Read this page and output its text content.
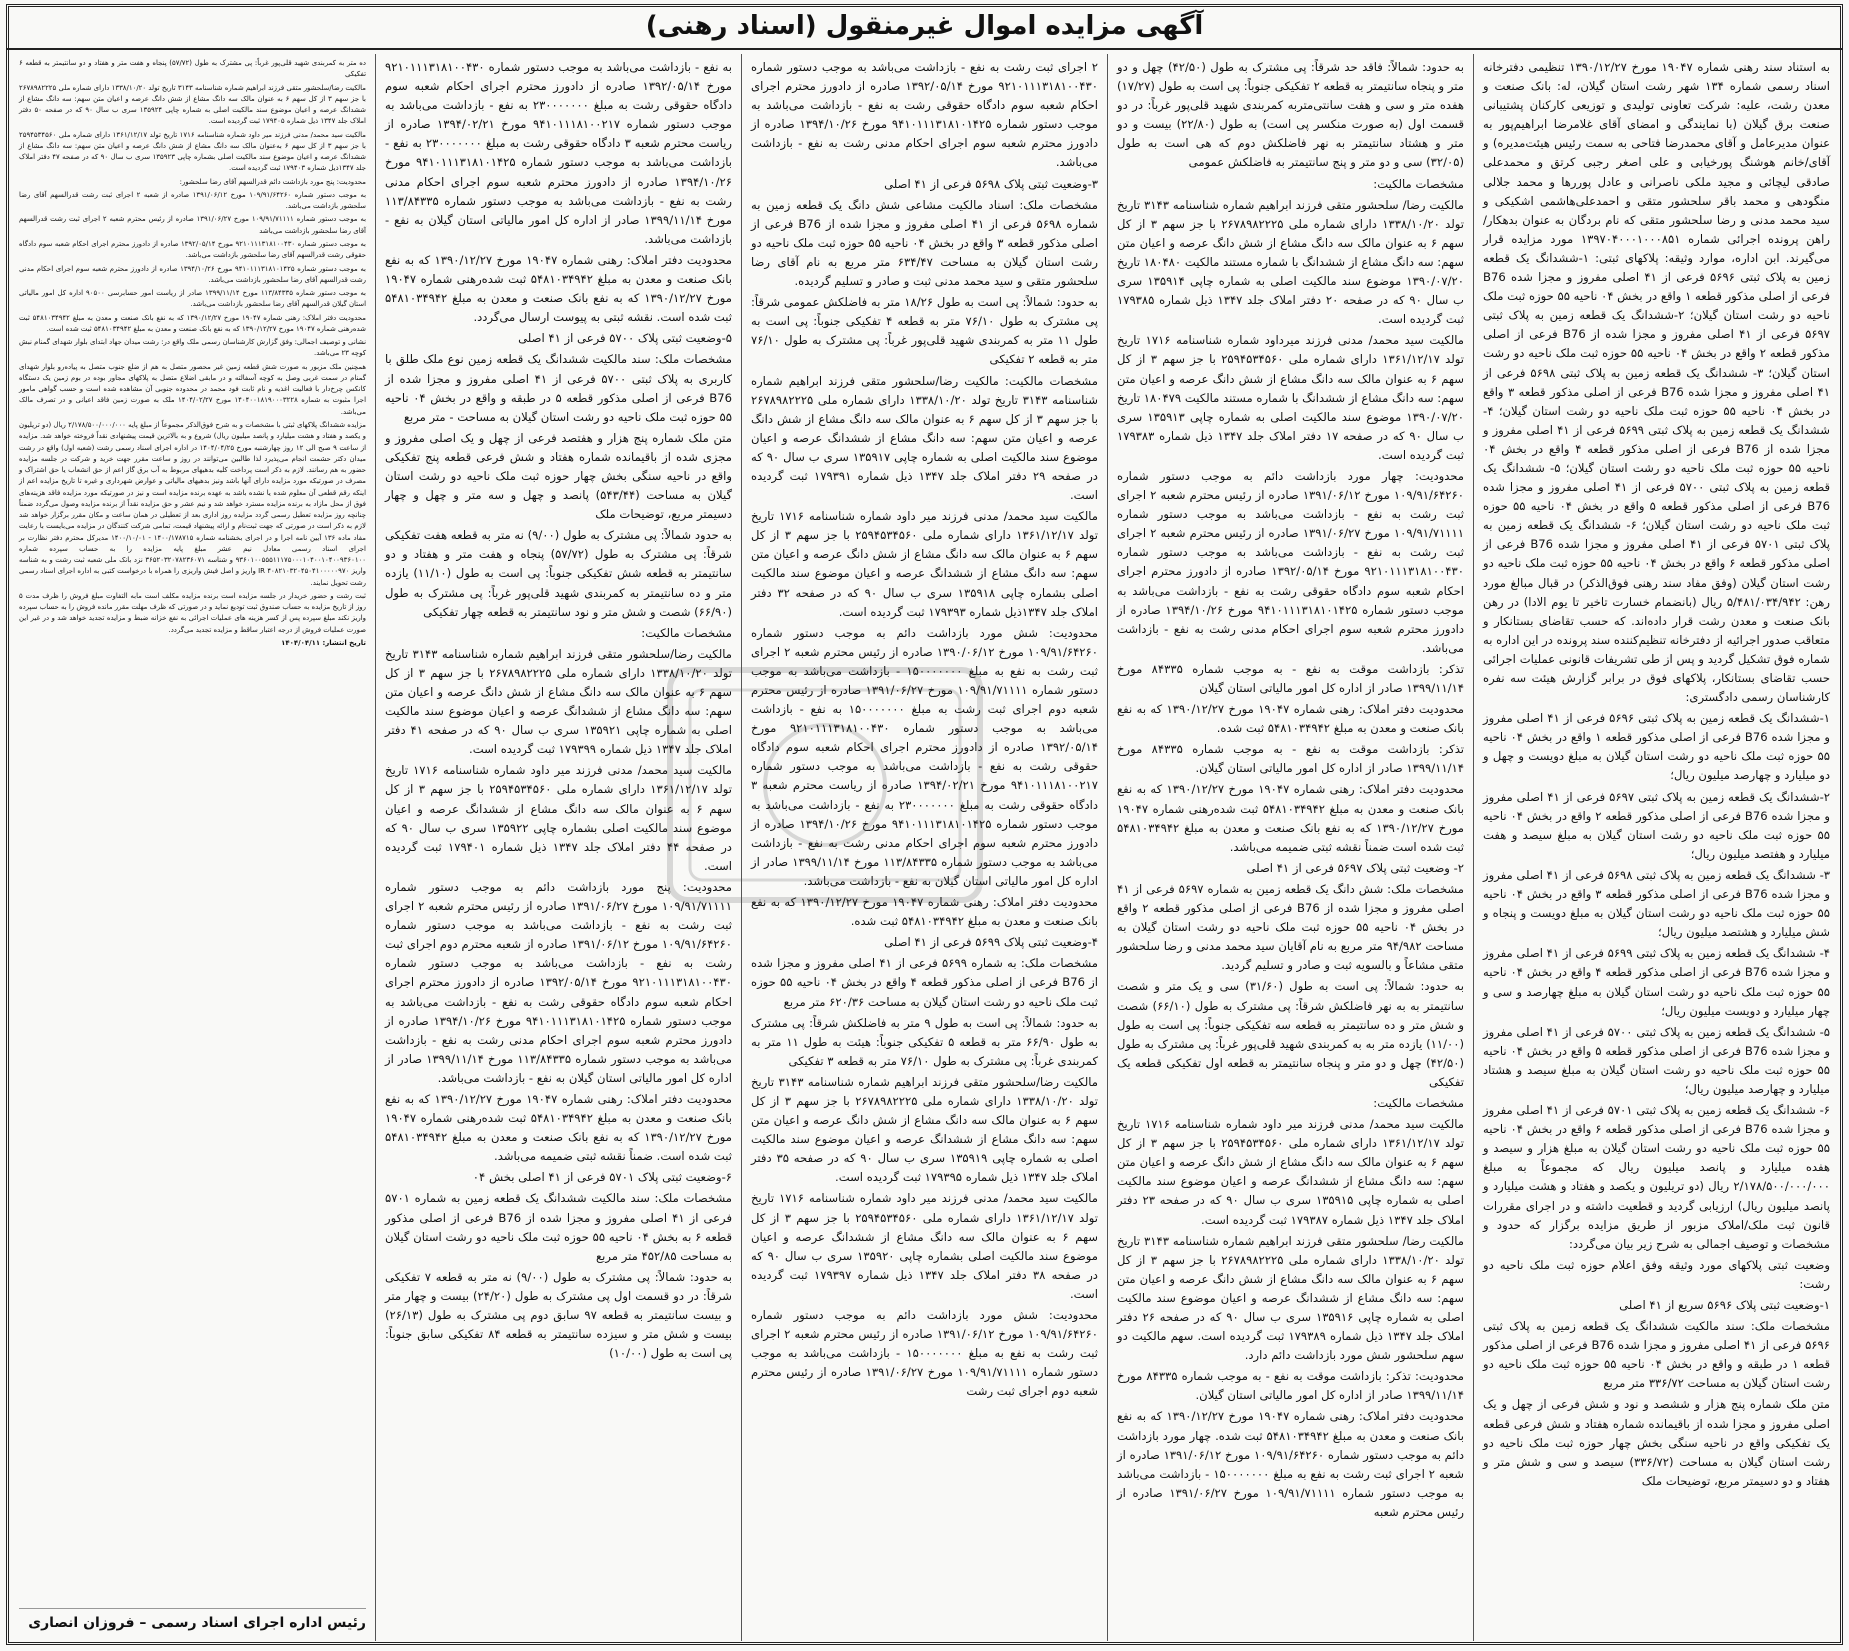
آگهی مزایده اموال غیرمنقول (اسناد رهنی)

به استناد سند رهنی شماره ۱۹۰۴۷ مورخ ۱۳۹۰/۱۲/۲۷ تنظیمی دفترخانه اسناد رسمی شماره ۱۳۴ شهر رشت استان گیلان، له: بانک صنعت و معدن رشت، علیه: شرکت تعاونی تولیدی و توزیعی کارکنان پشتیبانی صنعت برق گیلان (با نمایندگی و امضای آقای غلامرضا ابراهیم‌پور به عنوان مدیرعامل و آقای محمدرضا فتاحی به سمت رئیس هیئت‌مدیره) و آقای/خانم هوشنگ پورخیابی و علی اصغر رجبی کرتق و محمدعلی صادقی لیچائی و مجید ملکی ناصرانی و عادل پوررها و محمد جلالی منگودهی و محمد باقر سلحشور متقی و احمدعلی‌هاشمی اشکیکی و سید محمد مدنی و رضا سلحشور متقی که نام بردگان به عنوان بدهکار/راهن پرونده اجرائی شماره ۱۳۹۷۰۴۰۰۰۱۰۰۰۸۵۱ مورد مزایده قرار می‌گیرند. ابن اداره، موارد وثیقه: پلاکهای ثبتی: ۱-ششدانگ یک قطعه زمین به پلاک ثبتی ۵۶۹۶ فرعی از ۴۱ اصلی مفروز و مجزا شده B76 فرعی از اصلی مذکور قطعه ۱ واقع در بخش ۰۴ ناحیه ۵۵ حوزه ثبت ملک ناحیه دو رشت استان گیلان؛ ۲-ششدانگ یک قطعه زمین به پلاک ثبتی ۵۶۹۷ فرعی از ۴۱ اصلی مفروز و مجزا شده از B76 فرعی از اصلی مذکور قطعه ۲ واقع در بخش ۰۴ ناحیه ۵۵ حوزه ثبت ملک ناحیه دو رشت استان گیلان؛ ۳- ششدانگ یک قطعه زمین به پلاک ثبتی ۵۶۹۸ فرعی از ۴۱ اصلی مفروز و مجزا شده B76 فرعی از اصلی مذکور قطعه ۳ واقع در بخش ۰۴ ناحیه ۵۵ حوزه ثبت ملک ناحیه دو رشت استان گیلان؛ ۴- ششدانگ یک قطعه زمین به پلاک ثبتی ۵۶۹۹ فرعی از ۴۱ اصلی مفروز و مجزا شده از B76 فرعی از اصلی مذکور قطعه ۴ واقع در بخش ۰۴ ناحیه ۵۵ حوزه ثبت ملک ناحیه دو رشت استان گیلان؛ ۵- ششدانگ یک قطعه زمین به پلاک ثبتی ۵۷۰۰ فرعی از ۴۱ اصلی مفروز و مجزا شده B76 فرعی از اصلی مذکور قطعه ۵ واقع در بخش ۰۴ ناحیه ۵۵ حوزه ثبت ملک ناحیه دو رشت استان گیلان؛ ۶- ششدانگ یک قطعه زمین به پلاک ثبتی ۵۷۰۱ فرعی از ۴۱ اصلی مفروز و مجزا شده B76 فرعی از اصلی مذکور قطعه ۶ واقع در بخش ۰۴ ناحیه ۵۵ حوزه ثبت ملک ناحیه دو رشت استان گیلان (وفق مفاد سند رهنی فوق‌الذکر) در قبال مبالغ مورد رهن: ۵/۴۸۱/۰۳۴/۹۴۲ ریال (بانضمام خسارت تاخیر تا یوم الادا) در رهن بانک صنعت و معدن رشت قرار داده‌اند. که حسب تقاضای بستانکار و متعاقب صدور اجرائیه از دفترخانه تنظیم‌کننده سند پرونده در این اداره به شماره فوق تشکیل گردید و پس از طی تشریفات قانونی عملیات اجرائی حسب تقاضای بستانکار، پلاکهای فوق در برابر گزارش هیئت سه نفره کارشناسان رسمی دادگستری:

۱-ششدانگ یک قطعه زمین به پلاک ثبتی ۵۶۹۶ فرعی از ۴۱ اصلی مفروز و مجزا شده B76 فرعی از اصلی مذکور قطعه ۱ واقع در بخش ۰۴ ناحیه ۵۵ حوزه ثبت ملک ناحیه دو رشت استان گیلان به مبلغ دویست و چهل و دو میلیارد و چهارصد میلیون ریال؛

۲-ششدانگ یک قطعه زمین به پلاک ثبتی ۵۶۹۷ فرعی از ۴۱ اصلی مفروز و مجزا شده B76 فرعی از اصلی مذکور قطعه ۲ واقع در بخش ۰۴ ناحیه ۵۵ حوزه ثبت ملک ناحیه دو رشت استان گیلان به مبلغ سیصد و هفت میلیارد و هفتصد میلیون ریال؛

۳- ششدانگ یک قطعه زمین به پلاک ثبتی ۵۶۹۸ فرعی از ۴۱ اصلی مفروز و مجزا شده B76 فرعی از اصلی مذکور قطعه ۳ واقع در بخش ۰۴ ناحیه ۵۵ حوزه ثبت ملک ناحیه دو رشت استان گیلان به مبلغ دویست و پنجاه و شش میلیارد و هشتصد میلیون ریال؛

۴- ششدانگ یک قطعه زمین به پلاک ثبتی ۵۶۹۹ فرعی از ۴۱ اصلی مفروز و مجزا شده B76 فرعی از اصلی مذکور قطعه ۴ واقع در بخش ۰۴ ناحیه ۵۵ حوزه ثبت ملک ناحیه دو رشت استان گیلان به مبلغ چهارصد و سی و چهار میلیارد و دویست میلیون ریال؛

۵- ششدانگ یک قطعه زمین به پلاک ثبتی ۵۷۰۰ فرعی از ۴۱ اصلی مفروز و مجزا شده B76 فرعی از اصلی مذکور قطعه ۵ واقع در بخش ۰۴ ناحیه ۵۵ حوزه ثبت ملک ناحیه دو رشت استان گیلان به مبلغ سیصد و هشتاد میلیارد و چهارصد میلیون ریال؛

۶- ششدانگ یک قطعه زمین به پلاک ثبتی ۵۷۰۱ فرعی از ۴۱ اصلی مفروز و مجزا شده B76 فرعی از اصلی مذکور قطعه ۶ واقع در بخش ۰۴ ناحیه ۵۵ حوزه ثبت ملک ناحیه دو رشت استان گیلان به مبلغ هزار و سیصد و هفده میلیارد و پانصد میلیون ریال که مجموعاً به مبلغ ۲/۱۷۸/۵۰۰/۰۰۰/۰۰۰ ریال (دو تریلیون و یکصد و هفتاد و هشت میلیارد و پانصد میلیون ریال) ارزیابی گردید و قطعیت داشته و در اجرای مقررات قانون ثبت ملک/املاک مزبور از طریق مزایده برگزار که حدود و مشخصات و توصیف اجمالی به شرح زیر بیان می‌گردد:

وضعیت ثبتی پلاکهای مورد وثیقه وفق اعلام حوزه ثبت ملک ناحیه دو رشت:

۱-وضعیت ثبتی پلاک ۵۶۹۶ سریع از ۴۱ اصلی

مشخصات ملک: سند مالکیت ششدانگ یک قطعه زمین به پلاک ثبتی ۵۶۹۶ فرعی از ۴۱ اصلی مفروز و مجزا شده B76 فرعی از اصلی مذکور قطعه ۱ در طبقه و واقع در بخش ۰۴ ناحیه ۵۵ حوزه ثبت ملک ناحیه دو رشت استان گیلان به مساحت ۳۳۶/۷۲ متر مربع

متن ملک شماره پنج هزار و ششصد و نود و شش فرعی از چهل و یک اصلی مفروز و مجزا شده از باقیمانده شماره هفتاد و شش فرعی قطعه یک تفکیکی واقع در ناحیه سنگی بخش چهار حوزه ثبت ملک ناحیه دو رشت استان گیلان به مساحت (۳۳۶/۷۲) سیصد و سی و شش متر و هفتاد و دو دسیمتر مربع، توضیحات ملک

به حدود: شمالاً: فاقد حد شرقاً: پی مشترک به طول (۴۲/۵۰) چهل و دو متر و پنجاه سانتیمتر به قطعه ۲ تفکیکی جنوباً: پی است به طول (۱۷/۲۷) هفده متر و سی و هفت سانتی‌متربه کمربندی شهید قلی‌پور غرباً: در دو قسمت اول (به صورت منکسر پی است) به طول (۲۲/۸۰) بیست و دو متر و هشتاد سانتیمتر به نهر فاضلکش دوم که هی است به طول (۳۲/۰۵) سی و دو متر و پنج سانتیمتر به فاضلکش عمومی

مشخصات مالکیت:

مالکیت رضا/ سلحشور متقی فرزند ابراهیم شماره شناسنامه ۳۱۴۳ تاریخ تولد ۱۳۳۸/۱۰/۲۰ دارای شماره ملی ۲۶۷۸۹۸۲۲۲۵ با جز سهم ۳ از کل سهم ۶ به عنوان مالک سه دانگ مشاع از شش دانگ عرصه و اعیان متن سهم: سه دانگ مشاع از ششدانگ با شماره مستند مالکیت ۱۸۰۴۸۰ تاریخ ۱۳۹۰/۰۷/۲۰ موضوع سند مالکیت اصلی به شماره چاپی ۱۳۵۹۱۴ سری ب سال ۹۰ که در صفحه ۲۰ دفتر املاک جلد ۱۳۴۷ ذیل شماره ۱۷۹۳۸۵ ثبت گردیده است.

مالکیت سید محمد/ مدنی فرزند میرداود شماره شناسنامه ۱۷۱۶ تاریخ تولد ۱۳۶۱/۱۲/۱۷ دارای شماره ملی ۲۵۹۴۵۳۴۵۶۰ با جز سهم ۳ از کل سهم ۶ به عنوان مالک سه دانگ مشاع از شش دانگ عرصه و اعیان متن سهم: سه دانگ مشاع از ششدانگ با شماره مستند مالکیت ۱۸۰۴۷۹ تاریخ ۱۳۹۰/۰۷/۲۰ موضوع سند مالکیت اصلی به شماره چاپی ۱۳۵۹۱۳ سری ب سال ۹۰ که در صفحه ۱۷ دفتر املاک جلد ۱۳۴۷ ذیل شماره ۱۷۹۳۸۳ ثبت گردیده است.

محدودیت: چهار مورد بازداشت دائم به موجب دستور شماره ۱۰۹/۹۱/۶۴۲۶۰ مورخ ۱۳۹۱/۰۶/۱۲ صادره از رئیس محترم شعبه ۲ اجرای ثبت رشت به نفع - بازداشت می‌باشد به موجب دستور شماره ۱۰۹/۹۱/۷۱۱۱۱ مورخ ۱۳۹۱/۰۶/۲۷ صادره از رئیس محترم شعبه ۲ اجرای ثبت رشت به نفع - بازداشت می‌باشد به موجب دستور شماره ۹۲۱۰۱۱۱۳۱۸۱۰۰۴۳۰ مورخ ۱۳۹۲/۰۵/۱۴ صادره از دادورز محترم اجرای احکام شعبه سوم دادگاه حقوقی رشت به نفع - بازداشت می‌باشد به موجب دستور شماره ۹۴۱۰۱۱۱۳۱۸۱۰۱۴۲۵ مورخ ۱۳۹۴/۱۰/۲۶ صادره از دادورز محترم شعبه سوم اجرای احکام مدنی رشت به نفع - بازداشت می‌باشد.

تذکر: بازداشت موقت به نفع - به موجب شماره ۸۴۳۳۵ مورخ ۱۳۹۹/۱۱/۱۴ صادر از اداره کل امور مالیاتی استان گیلان

محدودیت دفتر املاک: رهنی شماره ۱۹۰۴۷ مورخ ۱۳۹۰/۱۲/۲۷ که به نفع بانک صنعت و معدن به مبلغ ۵۴۸۱۰۳۴۹۴۲ ثبت شده.

تذکر: بازداشت موقت به نفع - به موجب شماره ۸۴۳۳۵ مورخ ۱۳۹۹/۱۱/۱۴ صادر از اداره کل امور مالیاتی استان گیلان.

محدودیت دفتر املاک: رهنی شماره ۱۹۰۴۷ مورخ ۱۳۹۰/۱۲/۲۷ که به نفع بانک صنعت و معدن به مبلغ ۵۴۸۱۰۳۴۹۴۲ ثبت شده‌رهنی شماره ۱۹۰۴۷ مورخ ۱۳۹۰/۱۲/۲۷ که به نفع بانک صنعت و معدن به مبلغ ۵۴۸۱۰۳۴۹۴۲ ثبت شده است ضمناً نقشه ثبتی ضمیمه می‌باشد.

۲- وضعیت ثبتی پلاک ۵۶۹۷ فرعی از ۴۱ اصلی

مشخصات ملک: شش دانگ یک قطعه زمین به شماره ۵۶۹۷ فرعی از ۴۱ اصلی مفروز و مجزا شده از B76 فرعی از اصلی مذکور قطعه ۲ واقع در بخش ۰۴ ناحیه ۵۵ حوزه ثبت ملک ناحیه دو رشت استان گیلان به مساحت ۹۴/۹۸۲ متر مربع به نام آقایان سید محمد مدنی و رضا سلحشور متقی مشاعاً و بالسویه ثبت و صادر و تسلیم گردید.

به حدود: شمالاً: پی است به طول (۳۱/۶۰) سی و یک متر و شصت سانتیمتر به به نهر فاضلکش شرقاً: پی مشترک به طول (۶۶/۱۰) شصت و شش متر و ده سانتیمتر به قطعه سه تفکیکی جنوباً: پی است به طول (۱۱/۰۰) یازده متر به به کمربندی شهید قلی‌پور غرباً: پی مشترک به طول (۴۲/۵۰) چهل و دو متر و پنجاه سانتیمتر به قطعه اول تفکیکی قطعه یک تفکیکی

مشخصات مالکیت:

مالکیت سید محمد/ مدنی فرزند میر داود شماره شناسنامه ۱۷۱۶ تاریخ تولد ۱۳۶۱/۱۲/۱۷ دارای شماره ملی ۲۵۹۴۵۳۴۵۶۰ با جز سهم ۳ از کل سهم ۶ به عنوان مالک سه دانگ مشاع از شش دانگ عرصه و اعیان متن سهم: سه دانگ مشاع از ششدانگ عرصه و اعیان موضوع سند مالکیت اصلی به شماره چاپی ۱۳۵۹۱۵ سری ب سال ۹۰ که در صفحه ۲۳ دفتر املاک جلد ۱۳۴۷ ذیل شماره ۱۷۹۳۸۷ ثبت گردیده است.

مالکیت رضا/ سلحشور متقی فرزند ابراهیم شماره شناسنامه ۳۱۴۳ تاریخ تولد ۱۳۳۸/۱۰/۲۰ دارای شماره ملی ۲۶۷۸۹۸۲۲۲۵ با جز سهم ۳ از کل سهم ۶ به عنوان مالک سه دانگ مشاع از شش دانگ عرصه و اعیان متن سهم: سه دانگ مشاع از ششدانگ عرصه و اعیان موضوع سند مالکیت اصلی به شماره چاپی ۱۳۵۹۱۶ سری ب سال ۹۰ که در صفحه ۲۶ دفتر املاک جلد ۱۳۴۷ ذیل شماره ۱۷۹۳۸۹ ثبت گردیده است. سهم مالکیت دو سهم سلحشور شش مورد بازداشت دائم دارد.

محدودیت: تذکر: بازداشت موقت به نفع - به موجب شماره ۸۴۳۳۵ مورخ ۱۳۹۹/۱۱/۱۴ صادر از اداره کل امور مالیاتی استان گیلان.

محدودیت دفتر املاک: رهنی شماره ۱۹۰۴۷ مورخ ۱۳۹۰/۱۲/۲۷ که به نفع بانک صنعت و معدن به مبلغ ۵۴۸۱۰۳۴۹۴۲ ثبت شده. چهار مورد بازداشت دائم به موجب دستور شماره ۱۰۹/۹۱/۶۴۲۶۰ مورخ ۱۳۹۱/۰۶/۱۲ صادره از شعبه ۲ اجرای ثبت رشت به نفع به مبلغ ۱۵۰۰۰۰۰۰۰ - بازداشت می‌باشد به موجب دستور شماره ۱۰۹/۹۱/۷۱۱۱۱ مورخ ۱۳۹۱/۰۶/۲۷ صادره از رئیس محترم شعبه

۲ اجرای ثبت رشت به نفع - بازداشت می‌باشد به موجب دستور شماره ۹۲۱۰۱۱۱۳۱۸۱۰۰۴۳۰ مورخ ۱۳۹۲/۰۵/۱۴ صادره از دادورز محترم اجرای احکام شعبه سوم دادگاه حقوقی رشت به نفع - بازداشت می‌باشد به موجب دستور شماره ۹۴۱۰۱۱۱۳۱۸۱۰۱۴۲۵ مورخ ۱۳۹۴/۱۰/۲۶ صادره از دادورز محترم شعبه سوم اجرای احکام مدنی رشت به نفع - بازداشت می‌باشد.

۳-وضعیت ثبتی پلاک ۵۶۹۸ فرعی از ۴۱ اصلی

مشخصات ملک: اسناد مالکیت مشاعی شش دانگ یک قطعه زمین به شماره ۵۶۹۸ فرعی از ۴۱ اصلی مفروز و مجزا شده از B76 فرعی از اصلی مذکور قطعه ۳ واقع در بخش ۰۴ ناحیه ۵۵ حوزه ثبت ملک ناحیه دو رشت استان گیلان به مساحت ۶۳۴/۴۷ متر مربع به نام آقای رضا سلحشور متقی و سید محمد مدنی ثبت و صادر و تسلیم گردیده.

به حدود: شمالاً: پی است به طول ۱۸/۲۶ متر به فاضلکش عمومی شرقاً: پی مشترک به طول ۷۶/۱۰ متر به قطعه ۴ تفکیکی جنوباً: پی است به طول ۱۱ متر به کمربندی شهید قلی‌پور غرباً: پی مشترک به طول ۷۶/۱۰ متر به قطعه ۲ تفکیکی

مشخصات مالکیت: مالکیت رضا/سلحشور متقی فرزند ابراهیم شماره شناسنامه ۳۱۴۳ تاریخ تولد ۱۳۳۸/۱۰/۲۰ دارای شماره ملی ۲۶۷۸۹۸۲۲۲۵ با جز سهم ۳ از کل سهم ۶ به عنوان مالک سه دانگ مشاع از شش دانگ عرصه و اعیان متن سهم: سه دانگ مشاع از ششدانگ عرصه و اعیان موضوع سند مالکیت اصلی به شماره چاپی ۱۳۵۹۱۷ سری ب سال ۹۰ که در صفحه ۲۹ دفتر املاک جلد ۱۳۴۷ ذیل شماره ۱۷۹۳۹۱ ثبت گردیده است.

مالکیت سید محمد/ مدنی فرزند میر داود شماره شناسنامه ۱۷۱۶ تاریخ تولد ۱۳۶۱/۱۲/۱۷ دارای شماره ملی ۲۵۹۴۵۳۴۵۶۰ با جز سهم ۳ از کل سهم ۶ به عنوان مالک سه دانگ مشاع از شش دانگ عرصه و اعیان متن سهم: سه دانگ مشاع از ششدانگ عرصه و اعیان موضوع سند مالکیت اصلی بشماره چاپی ۱۳۵۹۱۸ سری ب سال ۹۰ که در صفحه ۳۲ دفتر املاک جلد ۱۳۴۷ذیل شماره ۱۷۹۳۹۳ ثبت گردیده است.

محدودیت: شش مورد بازداشت دائم به موجب دستور شماره ۱۰۹/۹۱/۶۴۲۶۰ مورخ ۱۳۹۰/۰۶/۱۲ صادره از رئیس محترم شعبه ۲ اجرای ثبت رشت به نفع به مبلغ ۱۵۰۰۰۰۰۰۰ - بازداشت می‌باشد به موجب دستور شماره ۱۰۹/۹۱/۷۱۱۱۱ مورخ ۱۳۹۱/۰۶/۲۷ صادره از رئیس محترم شعبه دوم اجرای ثبت رشت به مبلغ ۱۵۰۰۰۰۰۰۰ به نفع - بازداشت می‌باشد به موجب دستور شماره ۹۲۱۰۱۱۱۳۱۸۱۰۰۴۳۰ مورخ ۱۳۹۲/۰۵/۱۴ صادره از دادورز محترم اجرای احکام شعبه سوم دادگاه حقوقی رشت به نفع - بازداشت می‌باشد به موجب دستور شماره ۹۴۱۰۱۱۱۸۱۰۰۲۱۷ مورخ ۱۳۹۴/۰۲/۲۱ صادره از ریاست محترم شعبه ۳ دادگاه حقوقی رشت به مبلغ ۲۳۰۰۰۰۰۰۰ به نفع - بازداشت می‌باشد به موجب دستور شماره ۹۴۱۰۱۱۱۳۱۸۱۰۱۴۲۵ مورخ ۱۳۹۴/۱۰/۲۶ صادره از دادورز محترم شعبه سوم اجرای احکام مدنی رشت به نفع - بازداشت می‌باشد به موجب دستور شماره ۱۱۳/۸۴۳۳۵ مورخ ۱۳۹۹/۱۱/۱۴ صادر از اداره کل امور مالیاتی استان گیلان به نفع - بازداشت می‌باشد.

محدودیت دفتر املاک: رهنی شماره ۱۹۰۴۷ مورخ ۱۳۹۰/۱۲/۲۷ که به نفع بانک صنعت و معدن به مبلغ ۵۴۸۱۰۳۴۹۴۲ ثبت شده.

۴-وضعیت ثبتی پلاک ۵۶۹۹ فرعی از ۴۱ اصلی

مشخصات ملک: به شماره ۵۶۹۹ فرعی از ۴۱ اصلی مفروز و مجزا شده از B76 فرعی از اصلی مذکور قطعه ۴ واقع در بخش ۰۴ ناحیه ۵۵ حوزه ثبت ملک ناحیه دو رشت استان گیلان به مساحت ۶۲۰/۳۶ متر مربع

به حدود: شمالاً: پی است به طول ۹ متر به فاضلکش شرقاً: پی مشترک به طول ۶۶/۹۰ متر به قطعه ۵ تفکیکی جنوباً: هیئت به طول ۱۱ متر به کمربندی غرباً: پی مشترک به طول ۷۶/۱۰ متر به قطعه ۳ تفکیکی

مالکیت رضا/سلحشور متقی فرزند ابراهیم شماره شناسنامه ۳۱۴۳ تاریخ تولد ۱۳۳۸/۱۰/۲۰ دارای شماره ملی ۲۶۷۸۹۸۲۲۲۵ با جز سهم ۳ از کل سهم ۶ به عنوان مالک سه دانگ مشاع از شش دانگ عرصه و اعیان متن سهم: سه دانگ مشاع از ششدانگ عرصه و اعیان موضوع سند مالکیت اصلی به شماره چاپی ۱۳۵۹۱۹ سری ب سال ۹۰ که در صفحه ۳۵ دفتر املاک جلد ۱۳۴۷ ذیل شماره ۱۷۹۳۹۵ ثبت گردیده است.

مالکیت سید محمد/ مدنی فرزند میر داود شماره شناسنامه ۱۷۱۶ تاریخ تولد ۱۳۶۱/۱۲/۱۷ دارای شماره ملی ۲۵۹۴۵۳۴۵۶۰ با جز سهم ۳ از کل سهم ۶ به عنوان مالک سه دانگ مشاع از ششدانگ عرصه و اعیان موضوع سند مالکیت اصلی بشماره چاپی ۱۳۵۹۲۰ سری ب سال ۹۰ که در صفحه ۳۸ دفتر املاک جلد ۱۳۴۷ ذیل شماره ۱۷۹۳۹۷ ثبت گردیده است.

محدودیت: شش مورد بازداشت دائم به موجب دستور شماره ۱۰۹/۹۱/۶۴۲۶۰ مورخ ۱۳۹۱/۰۶/۱۲ صادره از رئیس محترم شعبه ۲ اجرای ثبت رشت به نفع به مبلغ ۱۵۰۰۰۰۰۰۰ - بازداشت می‌باشد به موجب دستور شماره ۱۰۹/۹۱/۷۱۱۱۱ مورخ ۱۳۹۱/۰۶/۲۷ صادره از رئیس محترم شعبه دوم اجرای ثبت رشت

به نفع - بازداشت می‌باشد به موجب دستور شماره ۹۲۱۰۱۱۱۳۱۸۱۰۰۴۳۰ مورخ ۱۳۹۲/۰۵/۱۴ صادره از دادورز محترم اجرای احکام شعبه سوم دادگاه حقوقی رشت به مبلغ ۲۳۰۰۰۰۰۰۰ به نفع - بازداشت می‌باشد به موجب دستور شماره ۹۴۱۰۱۱۱۸۱۰۰۲۱۷ مورخ ۱۳۹۴/۰۲/۲۱ صادره از ریاست محترم شعبه ۳ دادگاه حقوقی رشت به مبلغ ۲۳۰۰۰۰۰۰۰ به نفع - بازداشت می‌باشد به موجب دستور شماره ۹۴۱۰۱۱۱۳۱۸۱۰۱۴۲۵ مورخ ۱۳۹۴/۱۰/۲۶ صادره از دادورز محترم شعبه سوم اجرای احکام مدنی رشت به نفع - بازداشت می‌باشد به موجب دستور شماره ۱۱۳/۸۴۳۳۵ مورخ ۱۳۹۹/۱۱/۱۴ صادر از اداره کل امور مالیاتی استان گیلان به نفع - بازداشت می‌باشد.

محدودیت دفتر املاک: رهنی شماره ۱۹۰۴۷ مورخ ۱۳۹۰/۱۲/۲۷ که به نفع بانک صنعت و معدن به مبلغ ۵۴۸۱۰۳۴۹۴۲ ثبت شده‌رهنی شماره ۱۹۰۴۷ مورخ ۱۳۹۰/۱۲/۲۷ که به نفع بانک صنعت و معدن به مبلغ ۵۴۸۱۰۳۴۹۴۲ ثبت شده است. نقشه ثبتی به پیوست ارسال می‌گردد.

۵-وضعیت ثبتی پلاک ۵۷۰۰ فرعی از ۴۱ اصلی

مشخصات ملک: سند مالکیت ششدانگ یک قطعه زمین نوع ملک طلق با کاربری به پلاک ثبتی ۵۷۰۰ فرعی از ۴۱ اصلی مفروز و مجزا شده از B76 فرعی از اصلی مذکور قطعه ۵ در طبقه و واقع در بخش ۰۴ ناحیه ۵۵ حوزه ثبت ملک ناحیه دو رشت استان گیلان به مساحت - متر مربع

متن ملک شماره پنج هزار و هفتصد فرعی از چهل و یک اصلی مفروز و مجزی شده از باقیمانده شماره هفتاد و شش فرعی قطعه پنج تفکیکی واقع در ناحیه سنگی بخش چهار حوزه ثبت ملک ناحیه دو رشت استان گیلان به مساحت (۵۴۳/۴۴) پانصد و چهل و سه متر و چهل و چهار دسیمتر مربع، توضیحات ملک

به حدود شمالاً: پی مشترک به طول (۹/۰۰) نه متر به قطعه هفت تفکیکی شرقاً: پی مشترک به طول (۵۷/۷۲) پنجاه و هفت متر و هفتاد و دو سانتیمتر به قطعه شش تفکیکی جنوباً: پی است به طول (۱۱/۱۰) یازده متر و ده سانتیمتر به کمربندی شهید قلی‌پور غرباً: پی مشترک به طول (۶۶/۹۰) شصت و شش متر و نود سانتیمتر به قطعه چهار تفکیکی

مشخصات مالکیت:

مالکیت رضا/سلحشور متقی فرزند ابراهیم شماره شناسنامه ۳۱۴۳ تاریخ تولد ۱۳۳۸/۱۰/۲۰ دارای شماره ملی ۲۶۷۸۹۸۲۲۲۵ با جز سهم ۳ از کل سهم ۶ به عنوان مالک سه دانگ مشاع از شش دانگ عرصه و اعیان متن سهم: سه دانگ مشاع از ششدانگ عرصه و اعیان موضوع سند مالکیت اصلی به شماره چاپی ۱۳۵۹۲۱ سری ب سال ۹۰ که در صفحه ۴۱ دفتر املاک جلد ۱۳۴۷ ذیل شماره ۱۷۹۳۹۹ ثبت گردیده است.

مالکیت سید محمد/ مدنی فرزند میر داود شماره شناسنامه ۱۷۱۶ تاریخ تولد ۱۳۶۱/۱۲/۱۷ دارای شماره ملی ۲۵۹۴۵۳۴۵۶۰ با جز سهم ۳ از کل سهم ۶ به عنوان مالک سه دانگ مشاع از ششدانگ عرصه و اعیان موضوع سند مالکیت اصلی بشماره چاپی ۱۳۵۹۲۲ سری ب سال ۹۰ که در صفحه ۴۴ دفتر املاک جلد ۱۳۴۷ ذیل شماره ۱۷۹۴۰۱ ثبت گردیده است.

محدودیت: پنج مورد بازداشت دائم به موجب دستور شماره ۱۰۹/۹۱/۷۱۱۱۱ مورخ ۱۳۹۱/۰۶/۲۷ صادره از رئیس محترم شعبه ۲ اجرای ثبت رشت به نفع - بازداشت می‌باشد به موجب دستور شماره ۱۰۹/۹۱/۶۴۲۶۰ مورخ ۱۳۹۱/۰۶/۱۲ صادره از شعبه محترم دوم اجرای ثبت رشت به نفع - بازداشت می‌باشد به موجب دستور شماره ۹۲۱۰۱۱۱۳۱۸۱۰۰۴۳۰ مورخ ۱۳۹۲/۰۵/۱۴ صادره از دادورز محترم اجرای احکام شعبه سوم دادگاه حقوقی رشت به نفع - بازداشت می‌باشد به موجب دستور شماره ۹۴۱۰۱۱۱۳۱۸۱۰۱۴۲۵ مورخ ۱۳۹۴/۱۰/۲۶ صادره از دادورز محترم شعبه سوم اجرای احکام مدنی رشت به نفع - بازداشت می‌باشد به موجب دستور شماره ۱۱۳/۸۴۳۳۵ مورخ ۱۳۹۹/۱۱/۱۴ صادر از اداره کل امور مالیاتی استان گیلان به نفع - بازداشت می‌باشد.

محدودیت دفتر املاک: رهنی شماره ۱۹۰۴۷ مورخ ۱۳۹۰/۱۲/۲۷ که به نفع بانک صنعت و معدن به مبلغ ۵۴۸۱۰۳۴۹۴۲ ثبت شده‌رهنی شماره ۱۹۰۴۷ مورخ ۱۳۹۰/۱۲/۲۷ که به نفع بانک صنعت و معدن به مبلغ ۵۴۸۱۰۳۴۹۴۲ ثبت شده است. ضمناً نقشه ثبتی ضمیمه می‌باشد.

۶-وضعیت ثبتی پلاک ۵۷۰۱ فرعی از ۴۱ اصلی بخش ۰۴

مشخصات ملک: سند مالکیت ششدانگ یک قطعه زمین به شماره ۵۷۰۱ فرعی از ۴۱ اصلی مفروز و مجزا شده از B76 فرعی از اصلی مذکور قطعه ۶ به بخش ۰۴ ناحیه ۵۵ حوزه ثبت ملک ناحیه دو رشت استان گیلان به مساحت ۴۵۲/۸۵ متر مربع

به حدود: شمالاً: پی مشترک به طول (۹/۰۰) نه متر به قطعه ۷ تفکیکی شرقاً: در دو قسمت اول پی مشترک به طول (۲۴/۲۰) بیست و چهار متر و بیست سانتیمتر به قطعه ۹۷ سابق دوم پی مشترک به طول (۲۶/۱۳) بیست و شش متر و سیزده سانتیمتر به قطعه ۸۴ تفکیکی سابق جنوباً: پی است به طول (۱۰/۰۰)

ده متر به کمربندی شهید قلی‌پور غرباً: پی مشترک به طول (۵۷/۷۲) پنجاه و هفت متر و هفتاد و دو سانتیمتر به قطعه ۶ تفکیکی

مالکیت رضا/سلحشور متقی فرزند ابراهیم شماره شناسنامه ۳۱۴۳ تاریخ تولد ۱۳۳۸/۱۰/۲۰ دارای شماره ملی ۲۶۷۸۹۸۲۲۲۵ با جز سهم ۳ از کل سهم ۶ به عنوان مالک سه دانگ مشاع از شش دانگ عرصه و اعیان متن سهم: سه دانگ مشاع از ششدانگ عرصه و اعیان موضوع سند مالکیت اصلی به شماره چاپی ۱۳۵۹۲۴ سری ب سال ۹۰ که در صفحه ۵۰ دفتر املاک جلد ۱۳۴۷ ذیل شماره ۱۷۹۴۰۵ ثبت گردیده است.

مالکیت سید محمد/ مدنی فرزند میر داود شماره شناسنامه ۱۷۱۶ تاریخ تولد ۱۳۶۱/۱۲/۱۷ دارای شماره ملی ۲۵۹۴۵۳۴۵۶۰ با جز سهم ۳ از کل سهم ۶ به‌عنوان مالک سه دانگ مشاع از شش دانگ عرصه و اعیان متن سهم: سه دانگ مشاع از ششدانگ عرصه و اعیان موضوع سند مالکیت اصلی بشماره چاپی ۱۳۵۹۲۳ سری ب سال ۹۰ که در صفحه ۴۷ دفتر املاک جلد ۱۳۴۷ذیل شماره ۱۷۹۴۰۳ ثبت گردیده است.

محدودیت: پنج مورد بازداشت دائم قدرالسهم آقای رضا سلحشور:

به موجب دستور شماره ۱۰۹/۹۱/۶۴۲۶۰ مورخ ۱۳۹۱/۰۶/۱۲ صادره از شعبه ۲ اجرای ثبت رشت قدرالسهم آقای رضا سلحشور بازداشت می‌باشد.

به موجب دستور شماره ۱۰۹/۹۱/۷۱۱۱۱ مورخ ۱۳۹۱/۰۶/۲۷ صادره از رئیس محترم شعبه ۲ اجرای ثبت رشت قدرالسهم آقای رضا سلحشور بازداشت می‌باشد

به موجب دستور شماره ۹۲۱۰۱۱۱۳۱۸۱۰۰۴۳۰ مورخ ۱۳۹۲/۰۵/۱۴ صادره از دادورز محترم اجرای احکام شعبه سوم دادگاه حقوقی رشت قدرالسهم آقای رضا سلحشور بازداشت می‌باشد.

به موجب دستور شماره ۹۴۱۰۱۱۱۳۱۸۱۰۱۴۲۵ مورخ ۱۳۹۴/۱۰/۲۶ صادره از دادورز محترم شعبه سوم اجرای احکام مدنی رشت قدرالسهم آقای رضا سلحشور بازداشت می‌باشد.

به موجب دستور شماره ۱۱۳/۸۴۳۳۵ مورخ ۱۳۹۹/۱۱/۱۴ صادر از ریاست امور حسابرسی ۹۰۵۰۰ اداره کل امور مالیاتی استان گیلان قدرالسهم آقای رضا سلحشور بازداشت می‌باشد.

محدودیت دفتر املاک: رهنی شماره ۱۹۰۴۷ مورخ ۱۳۹۰/۱۲/۲۷ که به نفع بانک صنعت و معدن به مبلغ ۵۴۸۱۰۳۴۹۴۲ ثبت شده‌رهنی شماره ۱۹۰۴۷ مورخ ۱۳۹۰/۱۲/۲۷ که به نفع بانک صنعت و معدن به مبلغ ۵۴۸۱۰۳۴۹۴۲ ثبت شده است.

نشانی و توصیف اجمالی: وفق گزارش کارشناسان رسمی ملک واقع در: رشت میدان جهاد ابتدای بلوار شهدای گمنام نبش کوچه ۲۳ می‌باشد.

همچنین ملک مزبور به صورت شش قطعه زمین غیر محصور متصل به هم از ضلع جنوب متصل به پیاده‌رو بلوار شهدای گمنام در سمت غربی وصل به کوچه آسفالته و در مابقی اضلاع متصل به پلاکهای مجاور بوده در بوم زمین یک دستگاه کانکس چرخ‌دار با فعالیت اغذیه و نام ثابت فود محمد در محدوده جنوبی آن مشاهده شده است و حسب گواهی مامور اجرا مثبوت به شماره ۱۴۰۴۰۰۱۸۱۹۰۰۰۳۲۲۸ مورخ ۱۴۰۴/۰۲/۲۷ ملک به صورت زمین فاقد اعیانی و در تصرف مالک می‌باشد.

مزایده ششدانگ پلاکهای ثبتی با مشخصات و به شرح فوق‌الذکر مجموعاً از مبلغ پایه ۲/۱۷۸/۵۰۰/۰۰۰/۰۰۰ ریال (دو تریلیون و یکصد و هفتاد و هشت میلیارد و پانصد میلیون ریال) شروع و به بالاترین قیمت پیشنهادی نقداً فروخته خواهد شد. مزایده از ساعت ۹ صبح الی ۱۲ روز چهارشنبه مورخ ۱۴۰۴/۰۴/۲۵ در اداره اجرای اسناد رسمی رشت (شعبه اول) واقع در رشت میدان دکتر حشمت انجام می‌پذیرد لذا طالبین می‌توانند در روز و ساعت مقرر جهت خرید و شرکت در جلسه مزایده حضور به هم رسانند. لازم به ذکر است پرداخت کلیه بدهیهای مربوط به آب برق گاز اعم از حق انشعاب یا حق اشتراک و مصرف در صورتیکه مورد مزایده دارای آنها باشد ونیز بدهیهای مالیاتی و عوارض شهرداری و غیره تا تاریخ مزایده اعم از اینکه رقم قطعی آن معلوم شده یا نشده باشد به عهده برنده مزایده است و نیز در صورتیکه مورد مزایده فاقد هزینه‌های فوق از محل مازاد به برنده مزایده مسترد خواهد شد و نیم عشر و حق مزایده نقداً از برنده مزایده وصول می‌گردد ضمناً چنانچه روز مزایده تعطیل رسمی گردد مزایده روز اداری بعد از تعطیلی در همان ساعت و مکان مقرر برگزار خواهد شد لازم به ذکر است در صورتی که جهت ثبت‌نام و ارائه پیشنهاد قیمت، تمامی شرکت کنندگان در مزایده می‌بایست با رعایت مفاد ماده ۱۳۶ آیین نامه اجرا و در اجرای بخشنامه شماره ۱۴۰۰/۱۷۸۷۱۵ - ۱۴۰۰/۱۰/۰۱ مدیرکل محترم دفتر نظارت بر اجرای اسناد رسمی معادل نیم عشر مبلغ پایه مزایده را به حساب سپرده شماره ۹۳۶۰۱۰۰۵۵۵۱۱۱۷۵۰۰۰۱۰۴۰۰۱۰۴۰۰۹۳۶۰۱۰۰ و شناسه ۳۶۵۲۰۳۲۰۷۸۲۳۶۰۷۱ نزد بانک ملی شعبه ثبت رشت و به شناسه واریز ۴۰۸۲۱۰۳۲۰۴۵۰۴۱۰۰۰۰۰۹۷۰ IR واریز و اصل فیش واریزی را همراه با درخواست کتبی به اداره اجرای اسناد رسمی رشت تحویل نمایند.

ثبت رشت و حضور خریدار در جلسه مزایده است برنده مزایده مکلف است مابه التفاوت مبلغ فروش را ظرف مدت ۵ روز از تاریخ مزایده به حساب صندوق ثبت تودیع نماید و در صورتی که ظرف مهلت مقرر مانده فروش را به حساب سپرده واریز نکند مبلغ سپرده پس از کسر هزینه های عملیات اجرائی به نفع خزانه ضبط و مزایده تجدید خواهد شد و در غیر این صورت عملیات فروش از درجه اعتبار ساقط و مزایده تجدید می‌گردد.

تاریخ انتشار: ۱۴۰۴/۰۴/۱۱

رئیس اداره اجرای اسناد رسمی – فروزان انصاری
